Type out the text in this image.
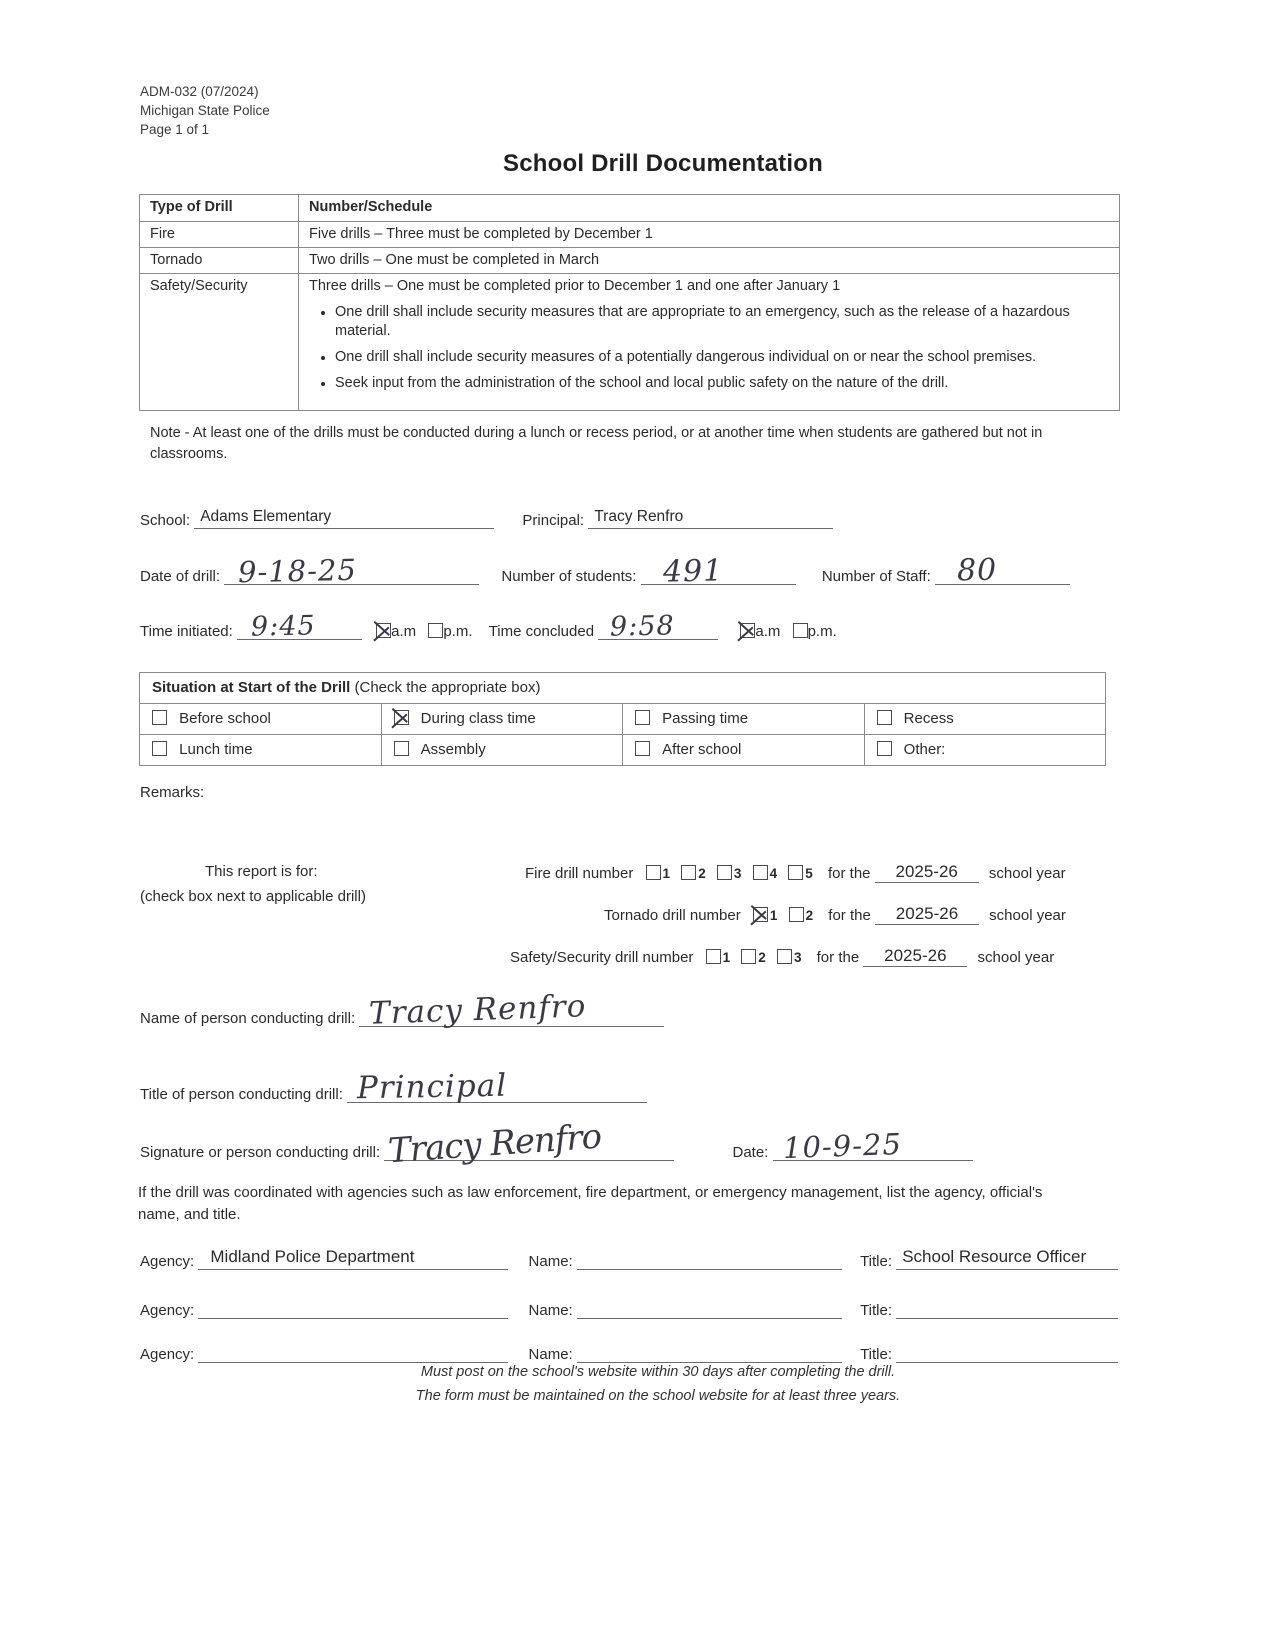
ADM-032 (07/2024)
Michigan State Police
Page 1 of 1
School Drill Documentation
Type of Drill	Number/Schedule
Fire	Five drills – Three must be completed by December 1
Tornado	Two drills – One must be completed in March
Safety/Security	Three drills – One must be completed prior to December 1 and one after January 1
• One drill shall include security measures that are appropriate to an emergency, such as the release of a hazardous material.
• One drill shall include security measures of a potentially dangerous individual on or near the school premises.
• Seek input from the administration of the school and local public safety on the nature of the drill.
Note - At least one of the drills must be conducted during a lunch or recess period, or at another time when students are gathered but not in classrooms.
School: Adams Elementary	Principal: Tracy Renfro
Date of drill: 9-18-25	Number of students: 491	Number of Staff: 80
Time initiated: 9:45	a.m p.m. Time concluded 9:58	a.m p.m.
Situation at Start of the Drill (Check the appropriate box)			
Before school	During class time	Passing time	Recess
Lunch time	Assembly	After school	Other:
Remarks:
This report is for:
(check box next to applicable drill)
Fire drill number 1 2 3 4 5 for the 2025-26 school year
Tornado drill number 1 2 for the 2025-26 school year
Safety/Security drill number 1 2 3 for the 2025-26 school year
Name of person conducting drill: Tracy Renfro
Title of person conducting drill: Principal
Signature or person conducting drill: Tracy Renfro	Date: 10-9-25
If the drill was coordinated with agencies such as law enforcement, fire department, or emergency management, list the agency, official's name, and title.
Agency: Midland Police Department	Name:	Title: School Resource Officer
Agency:	Name:	Title:
Agency:	Name:	Title:
Must post on the school's website within 30 days after completing the drill.
The form must be maintained on the school website for at least three years.
